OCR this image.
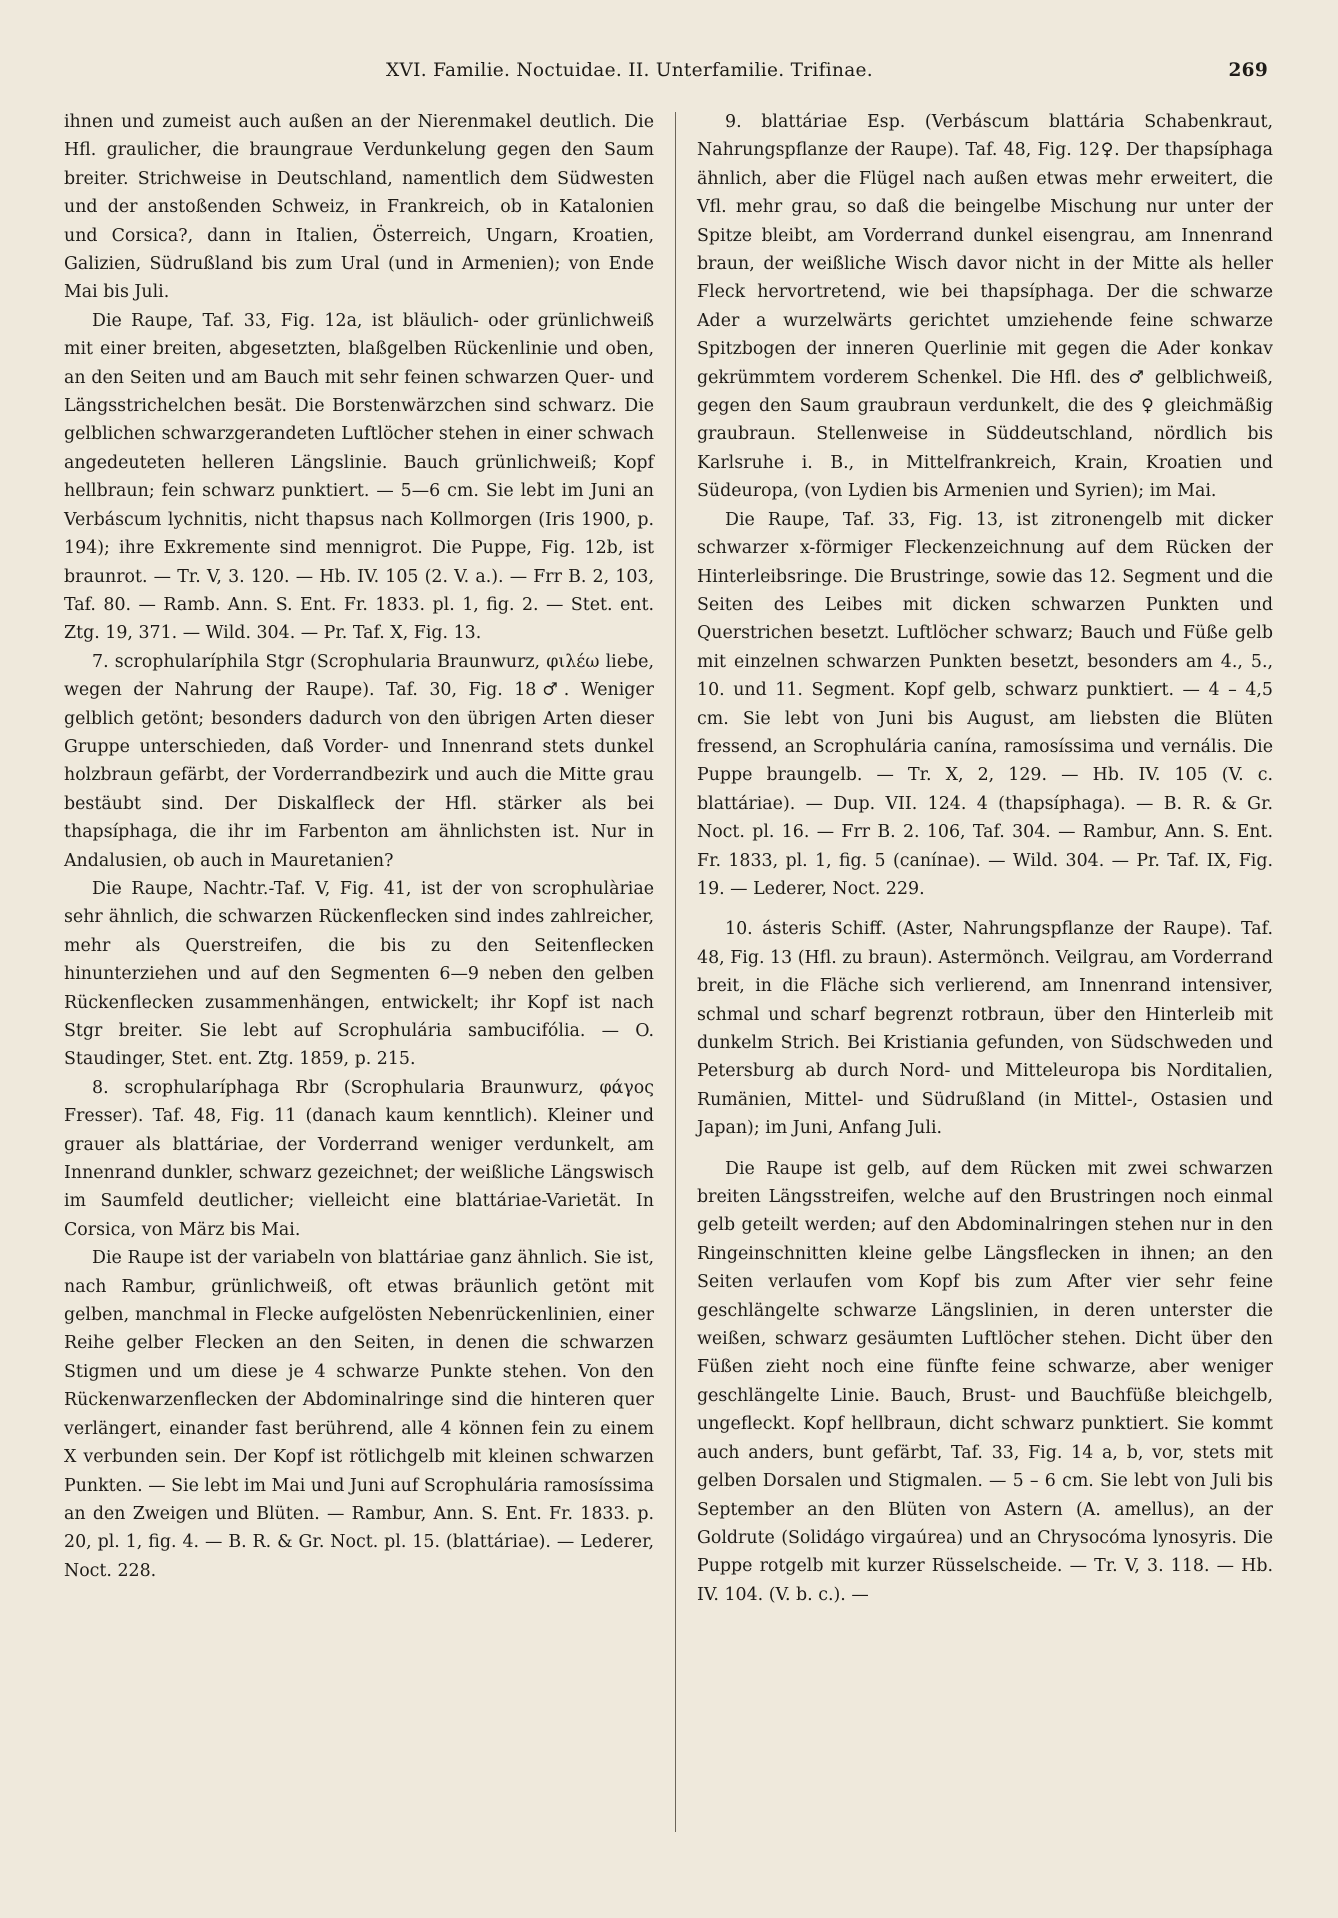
XVI. Familie. Noctuidae. II. Unterfamilie. Trifinae.	269

ihnen und zumeist auch außen an der Nierenmakel deutlich. Die Hfl. graulicher, die braungraue Verdunkelung gegen den Saum breiter. Strichweise in Deutschland, namentlich dem Südwesten und der anstoßenden Schweiz, in Frankreich, ob in Katalonien und Corsica?, dann in Italien, Österreich, Ungarn, Kroatien, Galizien, Südrußland bis zum Ural (und in Armenien); von Ende Mai bis Juli.

Die Raupe, Taf. 33, Fig. 12a, ist bläulich- oder grünlichweiß mit einer breiten, abgesetzten, blaßgelben Rückenlinie und oben, an den Seiten und am Bauch mit sehr feinen schwarzen Quer- und Längsstrichelchen besät. Die Borstenwärzchen sind schwarz. Die gelblichen schwarzgerandeten Luftlöcher stehen in einer schwach angedeuteten helleren Längslinie. Bauch grünlichweiß; Kopf hellbraun; fein schwarz punktiert. — 5—6 cm. Sie lebt im Juni an Verbáscum lychnitis, nicht thapsus nach Kollmorgen (Iris 1900, p. 194); ihre Exkremente sind mennigrot. Die Puppe, Fig. 12b, ist braunrot. — Tr. V, 3. 120. — Hb. IV. 105 (2. V. a.). — Frr B. 2, 103, Taf. 80. — Ramb. Ann. S. Ent. Fr. 1833. pl. 1, fig. 2. — Stet. ent. Ztg. 19, 371. — Wild. 304. — Pr. Taf. X, Fig. 13.

7. scrophularíphila Stgr (Scrophularia Braunwurz, φιλέω liebe, wegen der Nahrung der Raupe). Taf. 30, Fig. 18♂. Weniger gelblich getönt; besonders dadurch von den übrigen Arten dieser Gruppe unterschieden, daß Vorder- und Innenrand stets dunkel holzbraun gefärbt, der Vorderrandbezirk und auch die Mitte grau bestäubt sind. Der Diskalfleck der Hfl. stärker als bei thapsíphaga, die ihr im Farbenton am ähnlichsten ist. Nur in Andalusien, ob auch in Mauretanien?

Die Raupe, Nachtr.-Taf. V, Fig. 41, ist der von scrophulàriae sehr ähnlich, die schwarzen Rückenflecken sind indes zahlreicher, mehr als Querstreifen, die bis zu den Seitenflecken hinunterziehen und auf den Segmenten 6—9 neben den gelben Rückenflecken zusammenhängen, entwickelt; ihr Kopf ist nach Stgr breiter. Sie lebt auf Scrophulária sambucifólia. — O. Staudinger, Stet. ent. Ztg. 1859, p. 215.

8. scrophularíphaga Rbr (Scrophularia Braunwurz, φάγος Fresser). Taf. 48, Fig. 11 (danach kaum kenntlich). Kleiner und grauer als blattáriae, der Vorderrand weniger verdunkelt, am Innenrand dunkler, schwarz gezeichnet; der weißliche Längswisch im Saumfeld deutlicher; vielleicht eine blattáriae-Varietät. In Corsica, von März bis Mai.

Die Raupe ist der variabeln von blattáriae ganz ähnlich. Sie ist, nach Rambur, grünlichweiß, oft etwas bräunlich getönt mit gelben, manchmal in Flecke aufgelösten Nebenrückenlinien, einer Reihe gelber Flecken an den Seiten, in denen die schwarzen Stigmen und um diese je 4 schwarze Punkte stehen. Von den Rückenwarzenflecken der Abdominalringe sind die hinteren quer verlängert, einander fast berührend, alle 4 können fein zu einem X verbunden sein. Der Kopf ist rötlichgelb mit kleinen schwarzen Punkten. — Sie lebt im Mai und Juni auf Scrophulária ramosíssima an den Zweigen und Blüten. — Rambur, Ann. S. Ent. Fr. 1833. p. 20, pl. 1, fig. 4. — B. R. & Gr. Noct. pl. 15. (blattáriae). — Lederer, Noct. 228.

9. blattáriae Esp. (Verbáscum blattária Schabenkraut, Nahrungspflanze der Raupe). Taf. 48, Fig. 12♀. Der thapsíphaga ähnlich, aber die Flügel nach außen etwas mehr erweitert, die Vfl. mehr grau, so daß die beingelbe Mischung nur unter der Spitze bleibt, am Vorderrand dunkel eisengrau, am Innenrand braun, der weißliche Wisch davor nicht in der Mitte als heller Fleck hervortretend, wie bei thapsíphaga. Der die schwarze Ader a wurzelwärts gerichtet umziehende feine schwarze Spitzbogen der inneren Querlinie mit gegen die Ader konkav gekrümmtem vorderem Schenkel. Die Hfl. des ♂ gelblichweiß, gegen den Saum graubraun verdunkelt, die des ♀ gleichmäßig graubraun. Stellenweise in Süddeutschland, nördlich bis Karlsruhe i. B., in Mittelfrankreich, Krain, Kroatien und Südeuropa, (von Lydien bis Armenien und Syrien); im Mai.

Die Raupe, Taf. 33, Fig. 13, ist zitronengelb mit dicker schwarzer x-förmiger Fleckenzeichnung auf dem Rücken der Hinterleibsringe. Die Brustringe, sowie das 12. Segment und die Seiten des Leibes mit dicken schwarzen Punkten und Querstrichen besetzt. Luftlöcher schwarz; Bauch und Füße gelb mit einzelnen schwarzen Punkten besetzt, besonders am 4., 5., 10. und 11. Segment. Kopf gelb, schwarz punktiert. — 4 – 4,5 cm. Sie lebt von Juni bis August, am liebsten die Blüten fressend, an Scrophulária canína, ramosíssima und vernális. Die Puppe braungelb. — Tr. X, 2, 129. — Hb. IV. 105 (V. c. blattáriae). — Dup. VII. 124. 4 (thapsíphaga). — B. R. & Gr. Noct. pl. 16. — Frr B. 2. 106, Taf. 304. — Rambur, Ann. S. Ent. Fr. 1833, pl. 1, fig. 5 (canínae). — Wild. 304. — Pr. Taf. IX, Fig. 19. — Lederer, Noct. 229.

10. ásteris Schiff. (Aster, Nahrungspflanze der Raupe). Taf. 48, Fig. 13 (Hfl. zu braun). Astermönch. Veilgrau, am Vorderrand breit, in die Fläche sich verlierend, am Innenrand intensiver, schmal und scharf begrenzt rotbraun, über den Hinterleib mit dunkelm Strich. Bei Kristiania gefunden, von Südschweden und Petersburg ab durch Nord- und Mitteleuropa bis Norditalien, Rumänien, Mittel- und Südrußland (in Mittel-, Ostasien und Japan); im Juni, Anfang Juli.

Die Raupe ist gelb, auf dem Rücken mit zwei schwarzen breiten Längsstreifen, welche auf den Brustringen noch einmal gelb geteilt werden; auf den Abdominalringen stehen nur in den Ringeinschnitten kleine gelbe Längsflecken in ihnen; an den Seiten verlaufen vom Kopf bis zum After vier sehr feine geschlängelte schwarze Längslinien, in deren unterster die weißen, schwarz gesäumten Luftlöcher stehen. Dicht über den Füßen zieht noch eine fünfte feine schwarze, aber weniger geschlängelte Linie. Bauch, Brust- und Bauchfüße bleichgelb, ungefleckt. Kopf hellbraun, dicht schwarz punktiert. Sie kommt auch anders, bunt gefärbt, Taf. 33, Fig. 14 a, b, vor, stets mit gelben Dorsalen und Stigmalen. — 5 – 6 cm. Sie lebt von Juli bis September an den Blüten von Astern (A. amellus), an der Goldrute (Solidágo virgaúrea) und an Chrysocóma lynosyris. Die Puppe rotgelb mit kurzer Rüsselscheide. — Tr. V, 3. 118. — Hb. IV. 104. (V. b. c.). —
